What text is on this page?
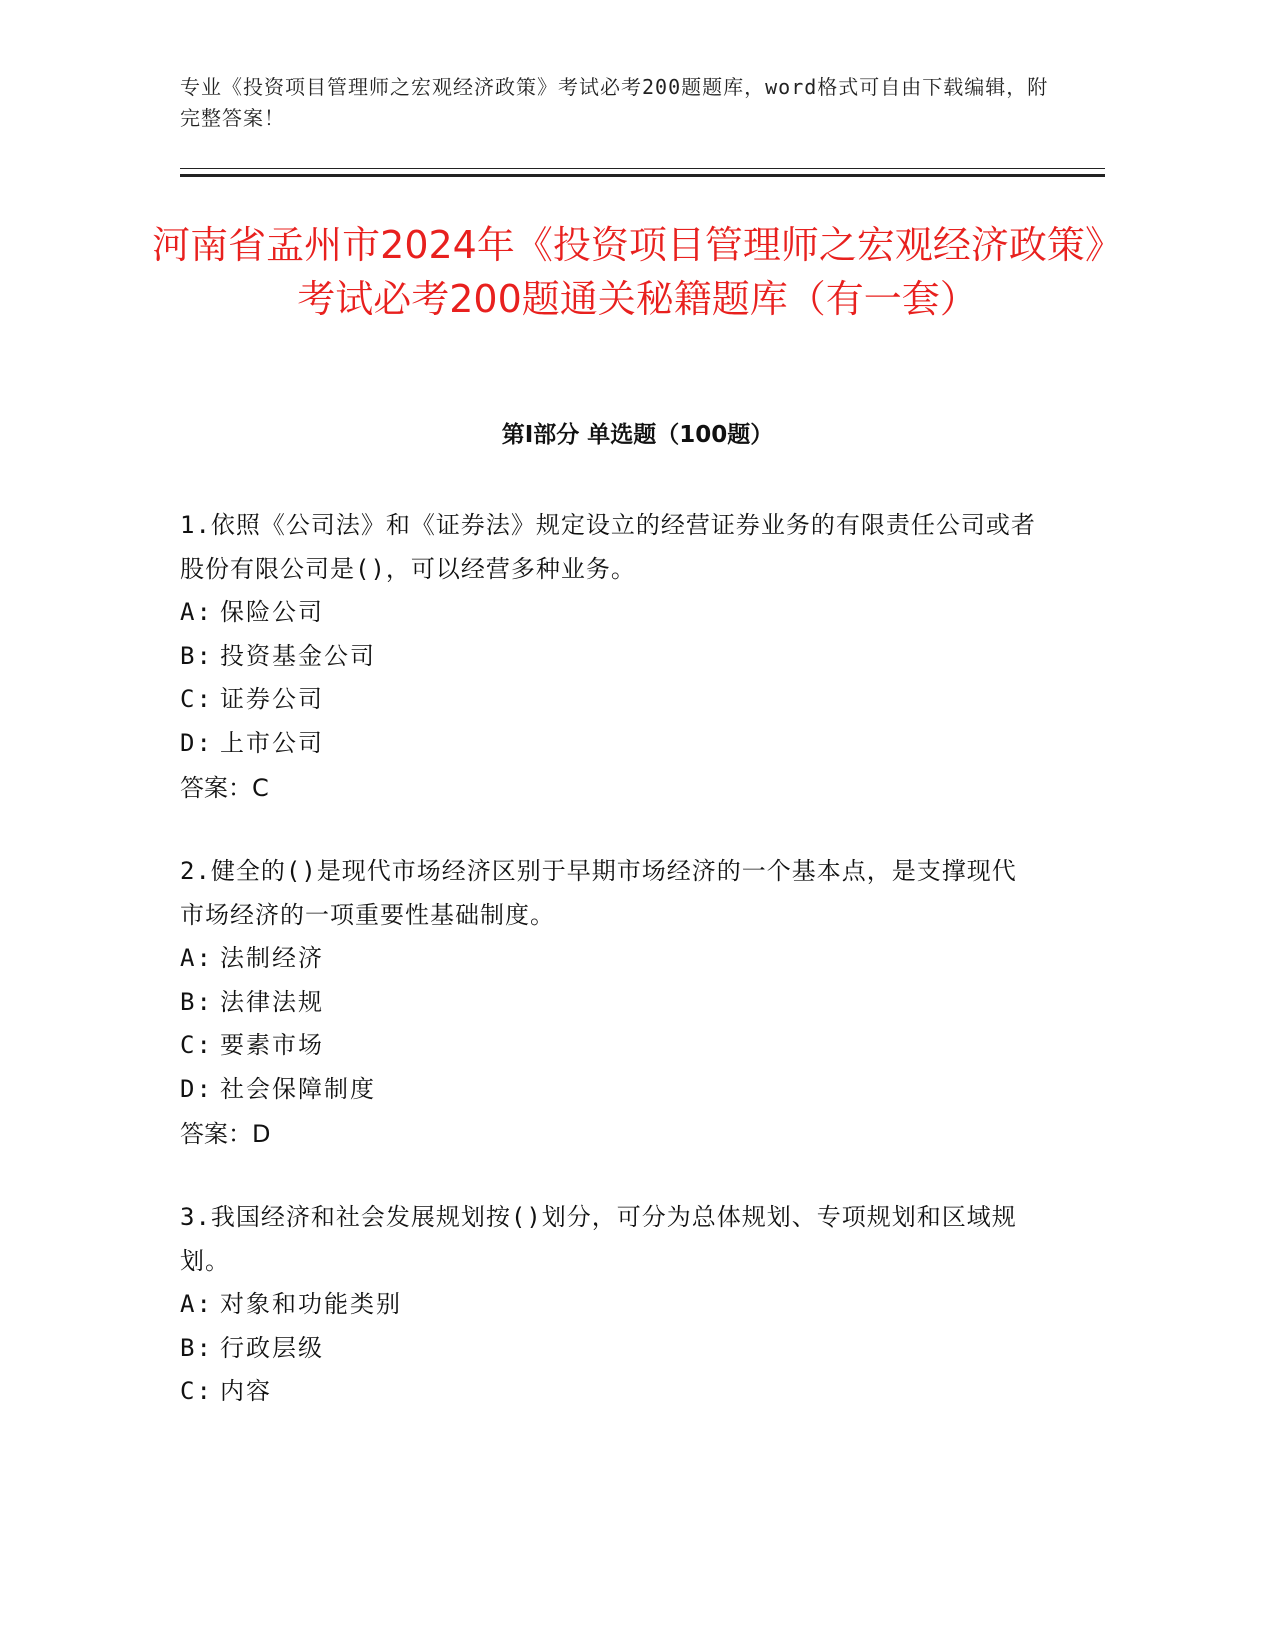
专业《投资项目管理师之宏观经济政策》考试必考200题题库，word格式可自由下载编辑，附完整答案！
河南省孟州市2024年《投资项目管理师之宏观经济政策》考试必考200题通关秘籍题库（有一套）
第Ⅰ部分 单选题（100题）
1.依照《公司法》和《证券法》规定设立的经营证券业务的有限责任公司或者股份有限公司是()，可以经营多种业务。
A: 保险公司
B: 投资基金公司
C: 证券公司
D: 上市公司
答案：C
2.健全的()是现代市场经济区别于早期市场经济的一个基本点，是支撑现代市场经济的一项重要性基础制度。
A: 法制经济
B: 法律法规
C: 要素市场
D: 社会保障制度
答案：D
3.我国经济和社会发展规划按()划分，可分为总体规划、专项规划和区域规划。
A: 对象和功能类别
B: 行政层级
C: 内容
